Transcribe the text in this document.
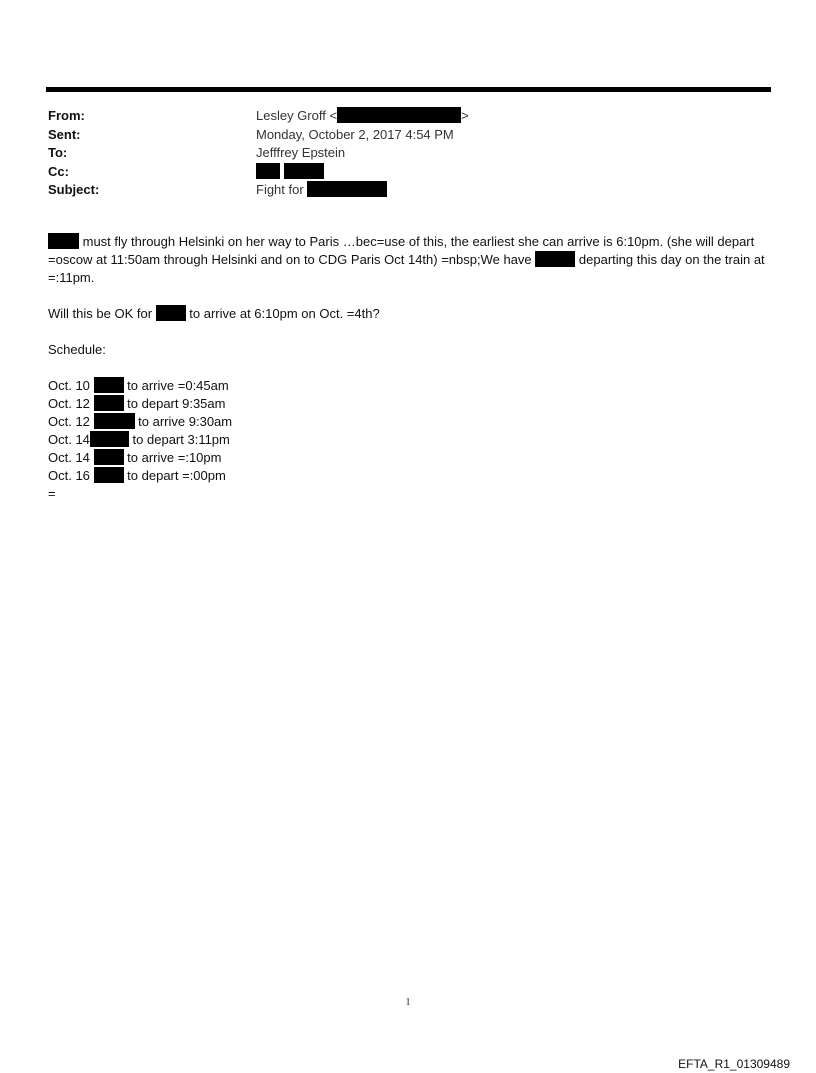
From:	Lesley Groff <	>
Sent:	Monday, October 2, 2017 4:54 PM
To:	Jefffrey Epstein
Cc:

Subject:	Fight for

must fly through Helsinki on her way to Paris …bec=use of this, the earliest she can arrive is 6:10pm. (she will depart =oscow at 11:50am through Helsinki and on to CDG Paris Oct 14th) =nbsp;We have	departing this day on the train at =:11pm.

Will this be OK for	to arrive at 6:10pm on Oct. =4th?

Schedule:

Oct. 10	to arrive =0:45am
Oct. 12	to depart 9:35am
Oct. 12	to arrive 9:30am
Oct. 14	to depart 3:11pm
Oct. 14	to arrive =:10pm
Oct. 16	to depart =:00pm
=
1
EFTA_R1_01309489
